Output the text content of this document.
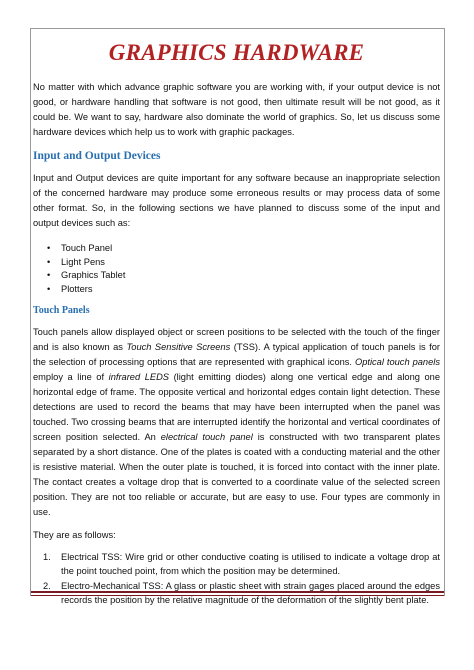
GRAPHICS HARDWARE

No matter with which advance graphic software you are working with, if your output device is not good, or hardware handling that software is not good, then ultimate result will be not good, as it could be. We want to say, hardware also dominate the world of graphics. So, let us discuss some hardware devices which help us to work with graphic packages.

Input and Output Devices

Input and Output devices are quite important for any software because an inappropriate selection of the concerned hardware may produce some erroneous results or may process data of some other format. So, in the following sections we have planned to discuss some of the input and output devices such as:

• Touch Panel
• Light Pens
• Graphics Tablet
• Plotters
Touch Panels

Touch panels allow displayed object or screen positions to be selected with the touch of the finger and is also known as Touch Sensitive Screens (TSS). A typical application of touch panels is for the selection of processing options that are represented with graphical icons. Optical touch panels employ a line of infrared LEDS (light emitting diodes) along one vertical edge and along one horizontal edge of frame. The opposite vertical and horizontal edges contain light detection. These detections are used to record the beams that may have been interrupted when the panel was touched. Two crossing beams that are interrupted identify the horizontal and vertical coordinates of screen position selected. An electrical touch panel is constructed with two transparent plates separated by a short distance. One of the plates is coated with a conducting material and the other is resistive material. When the outer plate is touched, it is forced into contact with the inner plate. The contact creates a voltage drop that is converted to a coordinate value of the selected screen position. They are not too reliable or accurate, but are easy to use. Four types are commonly in use.

They are as follows:

1. Electrical TSS: Wire grid or other conductive coating is utilised to indicate a voltage drop at the point touched point, from which the position may be determined.
2. Electro-Mechanical TSS: A glass or plastic sheet with strain gages placed around the edges records the position by the relative magnitude of the deformation of the slightly bent plate.
